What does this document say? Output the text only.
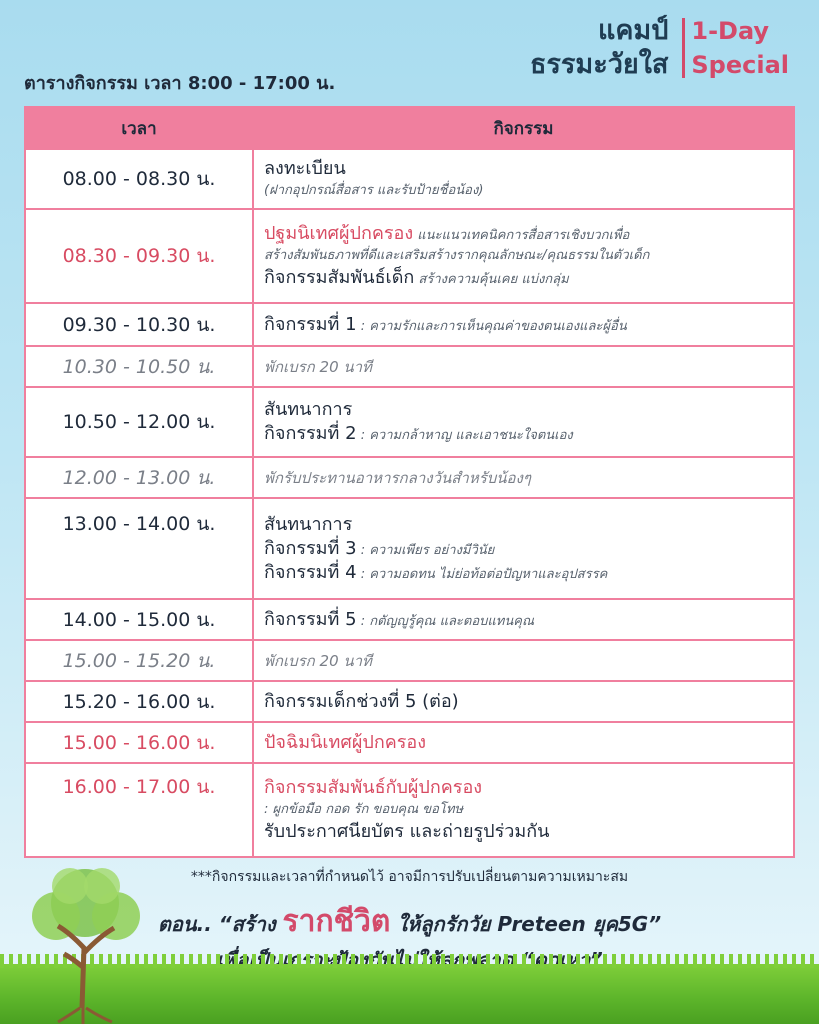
แคมป์
ธรรมะวัยใส
1-Day
Special
ตารางกิจกรรม เวลา 8:00 - 17:00 น.
เวลา	กิจกรรม
08.00 - 08.30 น.	ลงทะเบียน
(ฝากอุปกรณ์สื่อสาร และรับป้ายชื่อน้อง)

08.30 - 09.30 น.	ปฐมนิเทศผู้ปกครอง แนะแนวเทคนิคการสื่อสารเชิงบวกเพื่อ
สร้างสัมพันธภาพที่ดีและเสริมสร้างรากคุณลักษณะ/คุณธรรมในตัวเด็ก
กิจกรรมสัมพันธ์เด็ก สร้างความคุ้นเคย แบ่งกลุ่ม

09.30 - 10.30 น.	กิจกรรมที่ 1 : ความรักและการเห็นคุณค่าของตนเองและผู้อื่น
10.30 - 10.50 น.	พักเบรก 20 นาที
10.50 - 12.00 น.	สันทนาการ
กิจกรรมที่ 2 : ความกล้าหาญ และเอาชนะใจตนเอง

12.00 - 13.00 น.	พักรับประทานอาหารกลางวันสำหรับน้องๆ
13.00 - 14.00 น.	สันทนาการ
กิจกรรมที่ 3 : ความเพียร อย่างมีวินัย
กิจกรรมที่ 4 : ความอดทน ไม่ย่อท้อต่อปัญหาและอุปสรรค

14.00 - 15.00 น.	กิจกรรมที่ 5 : กตัญญูรู้คุณ และตอบแทนคุณ
15.00 - 15.20 น.	พักเบรก 20 นาที
15.20 - 16.00 น.	กิจกรรมเด็กช่วงที่ 5 (ต่อ)
15.00 - 16.00 น.	ปัจฉิมนิเทศผู้ปกครอง
16.00 - 17.00 น.	กิจกรรมสัมพันธ์กับผู้ปกครอง
: ผูกข้อมือ กอด รัก ขอบคุณ ขอโทษ
รับประกาศนียบัตร และถ่ายรูปร่วมกัน
***กิจกรรมและเวลาที่กำหนดไว้ อาจมีการปรับเปลี่ยนตามความเหมาะสม
ตอน.. “สร้าง รากชีวิต ให้ลูกรักวัย Preteen ยุค5G”
